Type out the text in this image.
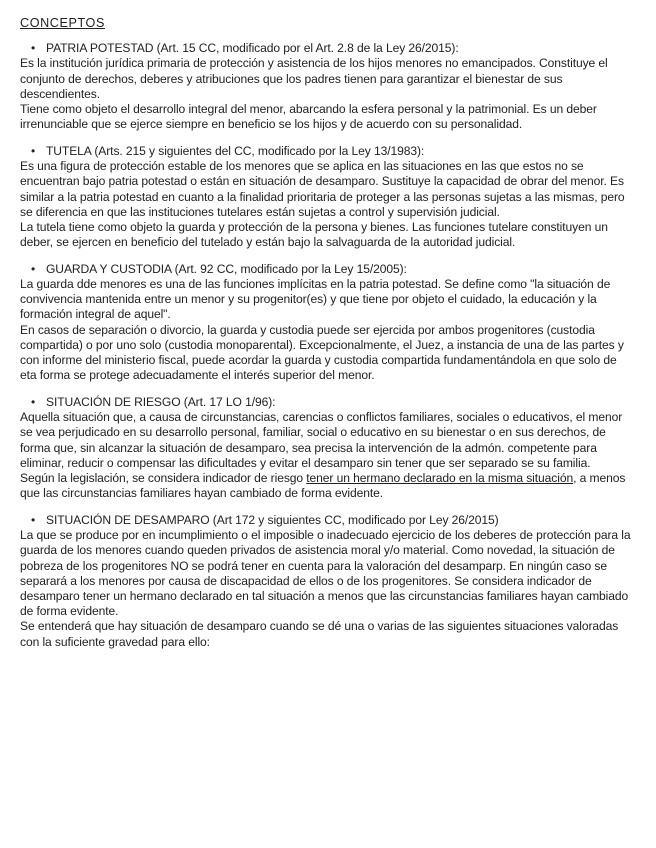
CONCEPTOS
• PATRIA POTESTAD (Art. 15 CC, modificado por el Art. 2.8 de la Ley 26/2015):

Es la institución jurídica primaria de protección y asistencia de los hijos menores no emancipados. Constituye el conjunto de derechos, deberes y atribuciones que los padres tienen para garantizar el bienestar de sus descendientes.

Tiene como objeto el desarrollo integral del menor, abarcando la esfera personal y la patrimonial. Es un deber irrenunciable que se ejerce siempre en beneficio se los hijos y de acuerdo con su personalidad.

• TUTELA (Arts. 215 y siguientes del CC, modificado por la Ley 13/1983):

Es una figura de protección estable de los menores que se aplica en las situaciones en las que estos no se encuentran bajo patria potestad o están en situación de desamparo. Sustituye la capacidad de obrar del menor. Es similar a la patria potestad en cuanto a la finalidad prioritaria de proteger a las personas sujetas a las mismas, pero se diferencia en que las instituciones tutelares están sujetas a control y supervisión judicial.

La tutela tiene como objeto la guarda y protección de la persona y bienes. Las funciones tutelare constituyen un deber, se ejercen en beneficio del tutelado y están bajo la salvaguarda de la autoridad judicial.

• GUARDA Y CUSTODIA (Art. 92 CC, modificado por la Ley 15/2005):

La guarda dde menores es una de las funciones implícitas en la patria potestad. Se define como "la situación de convivencia mantenida entre un menor y su progenitor(es) y que tiene por objeto el cuidado, la educación y la formación integral de aquel".

En casos de separación o divorcio, la guarda y custodia puede ser ejercida por ambos progenitores (custodia compartida) o por uno solo (custodia monoparental). Excepcionalmente, el Juez, a instancia de una de las partes y con informe del ministerio fiscal, puede acordar la guarda y custodia compartida fundamentándola en que solo de eta forma se protege adecuadamente el interés superior del menor.

• SITUACIÓN DE RIESGO (Art. 17 LO 1/96):

Aquella situación que, a causa de circunstancias, carencias o conflictos familiares, sociales o educativos, el menor se vea perjudicado en su desarrollo personal, familiar, social o educativo en su bienestar o en sus derechos, de forma que, sin alcanzar la situación de desamparo, sea precisa la intervención de la admón. competente para eliminar, reducir o compensar las dificultades y evitar el desamparo sin tener que ser separado se su familia.

Según la legislación, se considera indicador de riesgo tener un hermano declarado en la misma situación, a menos que las circunstancias familiares hayan cambiado de forma evidente.

• SITUACIÓN DE DESAMPARO (Art 172 y siguientes CC, modificado por Ley 26/2015)

La que se produce por en incumplimiento o el imposible o inadecuado ejercicio de los deberes de protección para la guarda de los menores cuando queden privados de asistencia moral y/o material. Como novedad, la situación de pobreza de los progenitores NO se podrá tener en cuenta para la valoración del desamparp. En ningún caso se separará a los menores por causa de discapacidad de ellos o de los progenitores. Se considera indicador de desamparo tener un hermano declarado en tal situación a menos que las circunstancias familiares hayan cambiado de forma evidente.

Se entenderá que hay situación de desamparo cuando se dé una o varias de las siguientes situaciones valoradas con la suficiente gravedad para ello:
